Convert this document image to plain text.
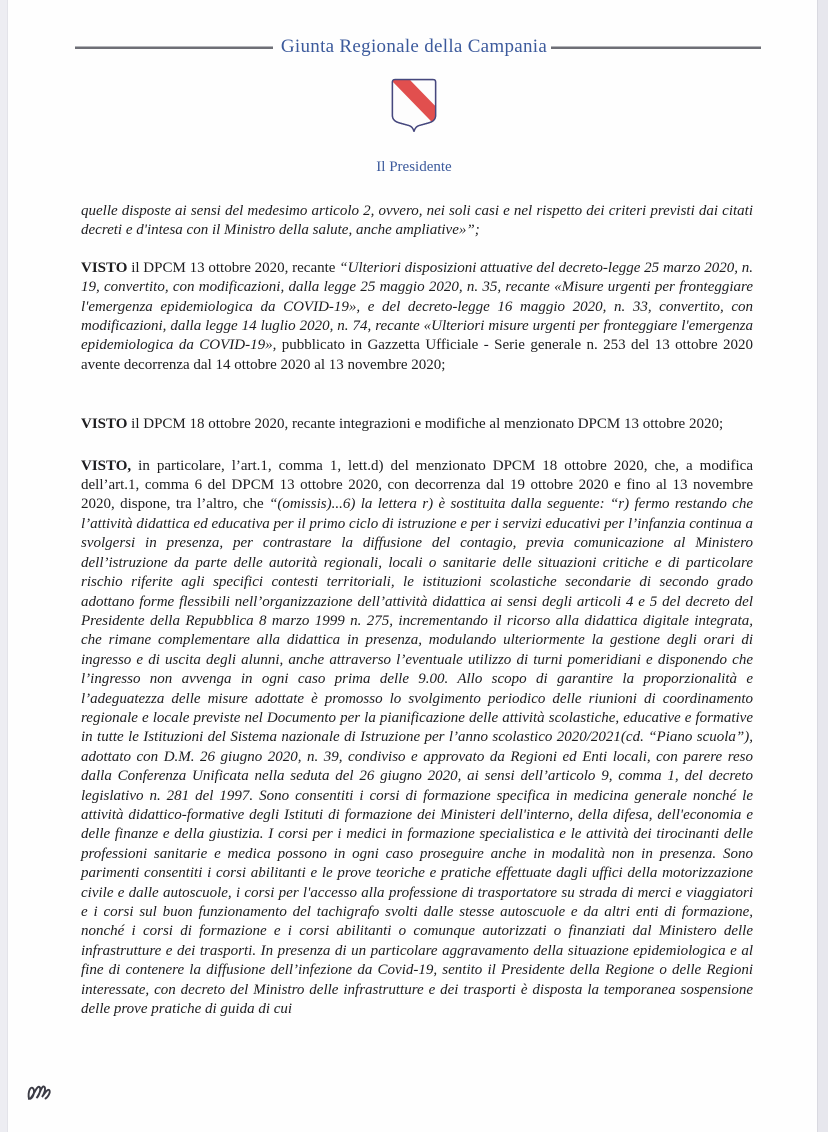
Giunta Regionale della Campania
Il Presidente

quelle disposte ai sensi del medesimo articolo 2, ovvero, nei soli casi e nel rispetto dei criteri previsti dai citati decreti e d'intesa con il Ministro della salute, anche ampliative»”;

VISTO il DPCM 13 ottobre 2020, recante “Ulteriori disposizioni attuative del decreto-legge 25 marzo 2020, n. 19, convertito, con modificazioni, dalla legge 25 maggio 2020, n. 35, recante «Misure urgenti per fronteggiare l'emergenza epidemiologica da COVID-19», e del decreto-legge 16 maggio 2020, n. 33, convertito, con modificazioni, dalla legge 14 luglio 2020, n. 74, recante «Ulteriori misure urgenti per fronteggiare l'emergenza epidemiologica da COVID-19», pubblicato in Gazzetta Ufficiale - Serie generale n. 253 del 13 ottobre 2020 avente decorrenza dal 14 ottobre 2020 al 13 novembre 2020;

VISTO il DPCM 18 ottobre 2020, recante integrazioni e modifiche al menzionato DPCM 13 ottobre 2020;

VISTO, in particolare, l’art.1, comma 1, lett.d) del menzionato DPCM 18 ottobre 2020, che, a modifica dell’art.1, comma 6 del DPCM 13 ottobre 2020, con decorrenza dal 19 ottobre 2020 e fino al 13 novembre 2020, dispone, tra l’altro, che “(omissis)...6) la lettera r) è sostituita dalla seguente: “r) fermo restando che l’attività didattica ed educativa per il primo ciclo di istruzione e per i servizi educativi per l’infanzia continua a svolgersi in presenza, per contrastare la diffusione del contagio, previa comunicazione al Ministero dell’istruzione da parte delle autorità regionali, locali o sanitarie delle situazioni critiche e di particolare rischio riferite agli specifici contesti territoriali, le istituzioni scolastiche secondarie di secondo grado adottano forme flessibili nell’organizzazione dell’attività didattica ai sensi degli articoli 4 e 5 del decreto del Presidente della Repubblica 8 marzo 1999 n. 275, incrementando il ricorso alla didattica digitale integrata, che rimane complementare alla didattica in presenza, modulando ulteriormente la gestione degli orari di ingresso e di uscita degli alunni, anche attraverso l’eventuale utilizzo di turni pomeridiani e disponendo che l’ingresso non avvenga in ogni caso prima delle 9.00. Allo scopo di garantire la proporzionalità e l’adeguatezza delle misure adottate è promosso lo svolgimento periodico delle riunioni di coordinamento regionale e locale previste nel Documento per la pianificazione delle attività scolastiche, educative e formative in tutte le Istituzioni del Sistema nazionale di Istruzione per l’anno scolastico 2020/2021(cd. “Piano scuola”), adottato con D.M. 26 giugno 2020, n. 39, condiviso e approvato da Regioni ed Enti locali, con parere reso dalla Conferenza Unificata nella seduta del 26 giugno 2020, ai sensi dell’articolo 9, comma 1, del decreto legislativo n. 281 del 1997. Sono consentiti i corsi di formazione specifica in medicina generale nonché le attività didattico-formative degli Istituti di formazione dei Ministeri dell'interno, della difesa, dell'economia e delle finanze e della giustizia. I corsi per i medici in formazione specialistica e le attività dei tirocinanti delle professioni sanitarie e medica possono in ogni caso proseguire anche in modalità non in presenza. Sono parimenti consentiti i corsi abilitanti e le prove teoriche e pratiche effettuate dagli uffici della motorizzazione civile e dalle autoscuole, i corsi per l'accesso alla professione di trasportatore su strada di merci e viaggiatori e i corsi sul buon funzionamento del tachigrafo svolti dalle stesse autoscuole e da altri enti di formazione, nonché i corsi di formazione e i corsi abilitanti o comunque autorizzati o finanziati dal Ministero delle infrastrutture e dei trasporti. In presenza di un particolare aggravamento della situazione epidemiologica e al fine di contenere la diffusione dell’infezione da Covid-19, sentito il Presidente della Regione o delle Regioni interessate, con decreto del Ministro delle infrastrutture e dei trasporti è disposta la temporanea sospensione delle prove pratiche di guida di cui
